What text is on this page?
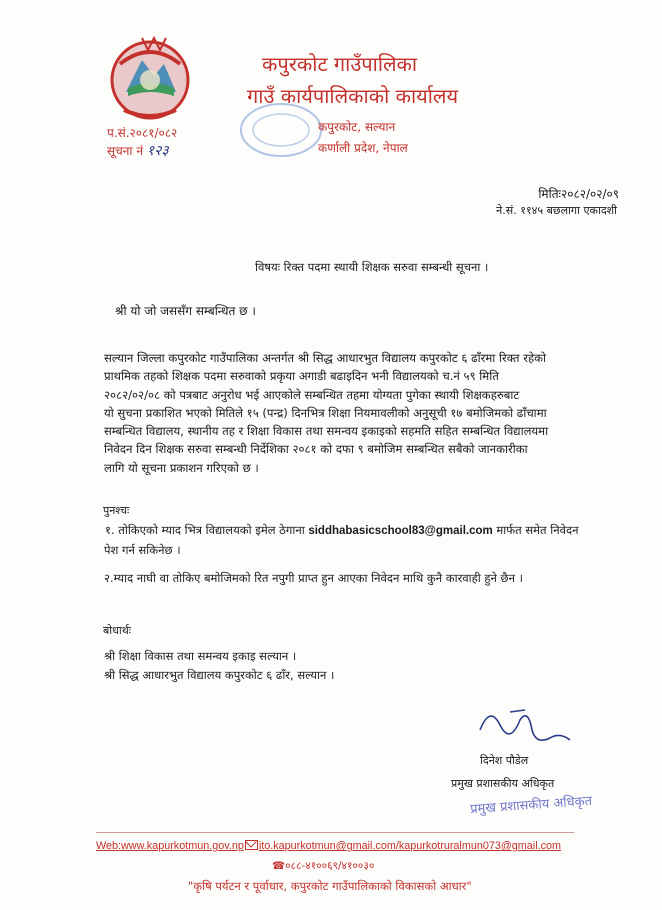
कपुरकोट गाउँपालिका
गाउँ कार्यपालिकाको कार्यालय
कपुरकोट, सल्यान
कर्णाली प्रदेश, नेपाल
प.सं.२०८१/०८२
सूचना नं १२३
मितिः२०८२/०२/०९
ने.सं. ११४५ बछलागा एकादशी
विषयः रिक्त पदमा स्थायी शिक्षक सरुवा सम्बन्धी सूचना ।
श्री यो जो जससँग सम्बन्धित छ ।
सल्यान जिल्ला कपुरकोट गाउँपालिका अन्तर्गत श्री सिद्ध आधारभुत विद्यालय कपुरकोट ६ ढाँरमा रिक्त रहेको
प्राथमिक तहको शिक्षक पदमा सरुवाको प्रकृया अगाडी बढाइदिन भनी विद्यालयको च.नं ५९ मिति
२०८२/०२/०८ को पत्रबाट अनुरोध भई आएकोले सम्बन्धित तहमा योग्यता पुगेका स्थायी शिक्षकहरुबाट
यो सुचना प्रकाशित भएको मितिले १५ (पन्द्र) दिनभित्र शिक्षा नियमावलीको अनुसूची १७ बमोजिमको ढाँचामा
सम्बन्धित विद्यालय, स्थानीय तह र शिक्षा विकास तथा समन्वय इकाइको सहमति सहित सम्बन्धित विद्यालयमा
निवेदन दिन शिक्षक सरुवा सम्बन्धी निर्देशिका २०८१ को दफा ९ बमोजिम सम्बन्धित सबैको जानकारीका
लागि यो सूचना प्रकाशन गरिएको छ ।
पुनश्चः
१. तोकिएको म्याद भित्र विद्यालयको इमेल ठेगाना siddhabasicschool83@gmail.com मार्फत समेत निवेदन
पेश गर्न सकिनेछ ।
२.म्याद नाघी वा तोकिए बमोजिमको रित नपुगी प्राप्त हुन आएका निवेदन माथि कुनै कारवाही हुने छैन ।
बोधार्थः
श्री शिक्षा विकास तथा समन्वय इकाइ सल्यान ।
श्री सिद्ध आधारभुत विद्यालय कपुरकोट ६ ढाँर, सल्यान ।
दिनेश पौडेल
प्रमुख प्रशासकीय अधिकृत
प्रमुख प्रशासकीय अधिकृत
Web:www.kapurkotmun.gov.np ito.kapurkotmun@gmail.com/kapurkotruralmun073@gmail.com
☎०८८-४१००६९/४१००३०
"कृषि पर्यटन र पूर्वाधार, कपुरकोट गाउँपालिकाको विकासको आधार"
